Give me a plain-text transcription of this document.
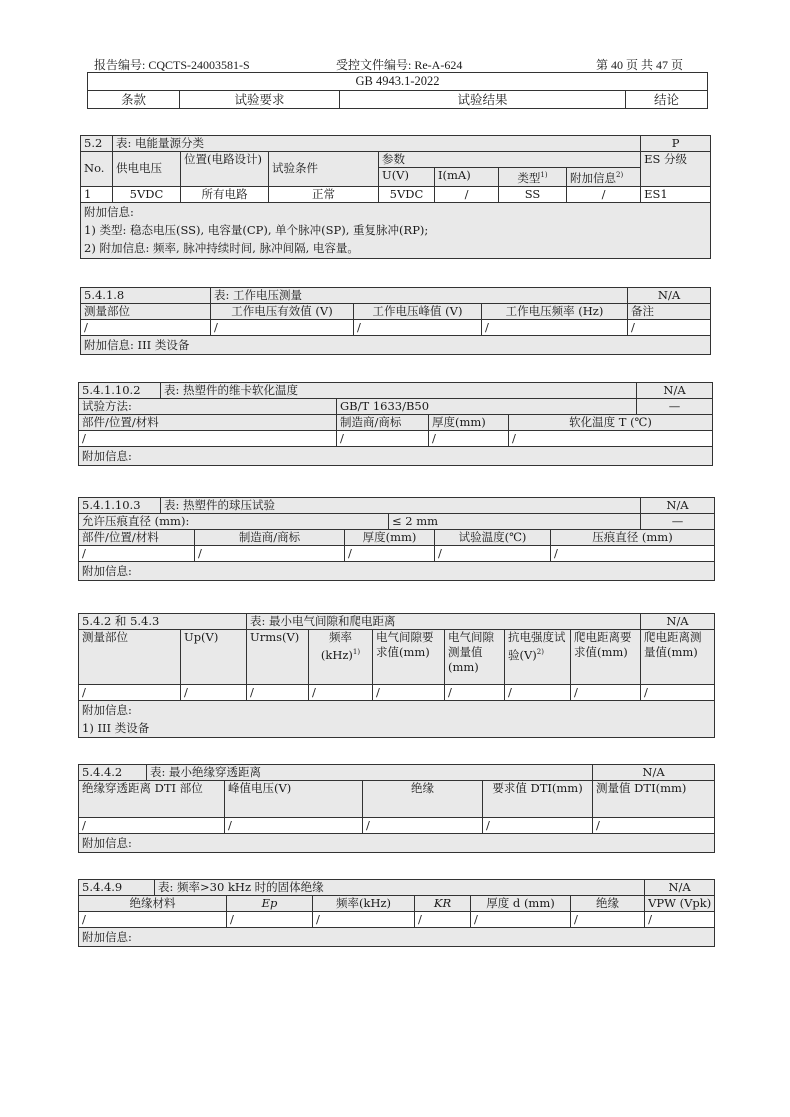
报告编号: CQCTS-24003581-S	受控文件编号: Re-A-624	第 40 页 共 47 页
GB 4943.1-2022
条款	试验要求	试验结果	结论
5.2	表: 电能量源分类							P
No.	供电电压	位置(电路设计)	试验条件	参数				ES 分级
				U(V)	I(mA)	类型$^{1)}$	附加信息$^{2)}$
1	5VDC	所有电路	正常	5VDC	/	SS	/	ES1

附加信息:
1) 类型: 稳态电压(SS), 电容量(CP), 单个脉冲(SP), 重复脉冲(RP);
2) 附加信息: 频率, 脉冲持续时间, 脉冲间隔, 电容量。								
5.4.1.8	表: 工作电压测量			N/A
测量部位	工作电压有效值 (V)	工作电压峰值 (V)	工作电压频率 (Hz)	备注
/	/	/	/	/
附加信息: III 类设备				
5.4.1.10.2	表: 热塑件的维卡软化温度				N/A
试验方法:		GB/T 1633/B50			—
部件/位置/材料		制造商/商标	厚度(mm)	软化温度 T (℃)	
/		/	/	/	
附加信息:					
5.4.1.10.3	表: 热塑件的球压试验						N/A
允许压痕直径 (mm):				≤ 2 mm			—
部件/位置/材料		制造商/商标	厚度(mm)		试验温度(℃)	压痕直径 (mm)	
/		/	/		/	/	
附加信息:							
5.4.2 和 5.4.3		表: 最小电气间隙和爬电距离						N/A
测量部位	Up(V)	Urms(V)	频率(kHz)$^{1)}$	电气间隙要求值(mm)	电气间隙测量值(mm)	抗电强度试验$(V)^{2)}$	爬电距离要求值(mm)	爬电距离测量值(mm)
/	/	/	/	/	/	/	/	/

附加信息:
1) III 类设备								
5.4.4.2	表: 最小绝缘穿透距离				N/A
绝缘穿透距离 DTI 部位		峰值电压(V)	绝缘	要求值 DTI(mm)	测量值 DTI(mm)
/		/	/	/	/
附加信息:					
5.4.4.9	表: 频率>30 kHz 时的固体绝缘						N/A
绝缘材料		Ep	频率(kHz)	KR	厚度 d (mm)	绝缘	VPW (Vpk)
/		/	/	/	/	/	/
附加信息:							
